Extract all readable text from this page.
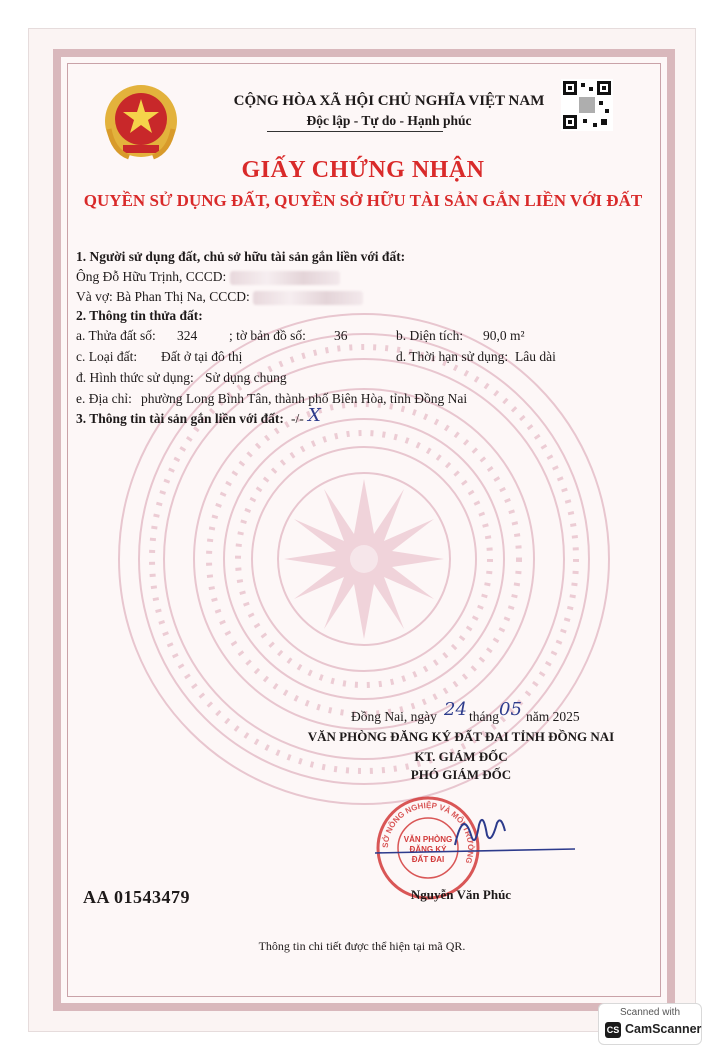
CỘNG HÒA XÃ HỘI CHỦ NGHĨA VIỆT NAM
Độc lập - Tự do - Hạnh phúc
GIẤY CHỨNG NHẬN
QUYỀN SỬ DỤNG ĐẤT, QUYỀN SỞ HỮU TÀI SẢN GẮN LIỀN VỚI ĐẤT
1. Người sử dụng đất, chủ sở hữu tài sản gắn liền với đất:
Ông Đỗ Hữu Trịnh, CCCD:
Và vợ: Bà Phan Thị Na, CCCD:
2. Thông tin thửa đất:
a. Thửa đất số: 324 ; tờ bản đồ số: 36	b. Diện tích: 90,0 m²
c. Loại đất: Đất ở tại đô thị	d. Thời hạn sử dụng: Lâu dài
đ. Hình thức sử dụng: Sử dụng chung
e. Địa chỉ: phường Long Bình Tân, thành phố Biên Hòa, tỉnh Đồng Nai
3. Thông tin tài sản gắn liền với đất: -/- X
Đồng Nai, ngày 24 tháng 05 năm 2025
VĂN PHÒNG ĐĂNG KÝ ĐẤT ĐAI TỈNH ĐỒNG NAI
KT. GIÁM ĐỐC
PHÓ GIÁM ĐỐC
SỞ NÔNG NGHIỆP VÀ MÔI TRƯỜNG
VĂN PHÒNG ĐĂNG KÝ ĐẤT ĐAI
Nguyễn Văn Phúc
AA 01543479
Thông tin chi tiết được thể hiện tại mã QR.
Scanned with
CS CamScanner
